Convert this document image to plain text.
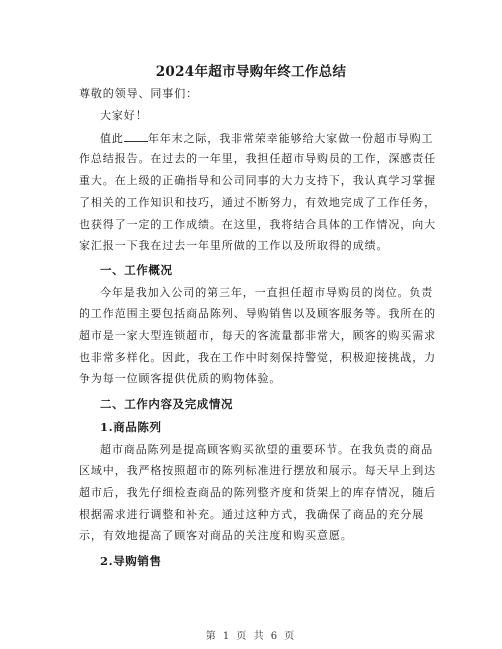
2024年超市导购年终工作总结
尊敬的领导、同事们：
大家好！
值此 年年末之际，我非常荣幸能够给大家做一份超市导购工
作总结报告。在过去的一年里，我担任超市导购员的工作，深感责任
重大。在上级的正确指导和公司同事的大力支持下，我认真学习掌握
了相关的工作知识和技巧，通过不断努力，有效地完成了工作任务，
也获得了一定的工作成绩。在这里，我将结合具体的工作情况，向大
家汇报一下我在过去一年里所做的工作以及所取得的成绩。
一、工作概况
今年是我加入公司的第三年，一直担任超市导购员的岗位。负责
的工作范围主要包括商品陈列、导购销售以及顾客服务等。我所在的
超市是一家大型连锁超市，每天的客流量都非常大，顾客的购买需求
也非常多样化。因此，我在工作中时刻保持警觉，积极迎接挑战，力
争为每一位顾客提供优质的购物体验。
二、工作内容及完成情况
1.商品陈列
超市商品陈列是提高顾客购买欲望的重要环节。在我负责的商品
区域中，我严格按照超市的陈列标准进行摆放和展示。每天早上到达
超市后，我先仔细检查商品的陈列整齐度和货架上的库存情况，随后
根据需求进行调整和补充。通过这种方式，我确保了商品的充分展
示，有效地提高了顾客对商品的关注度和购买意愿。
2.导购销售
第 1 页 共 6 页
